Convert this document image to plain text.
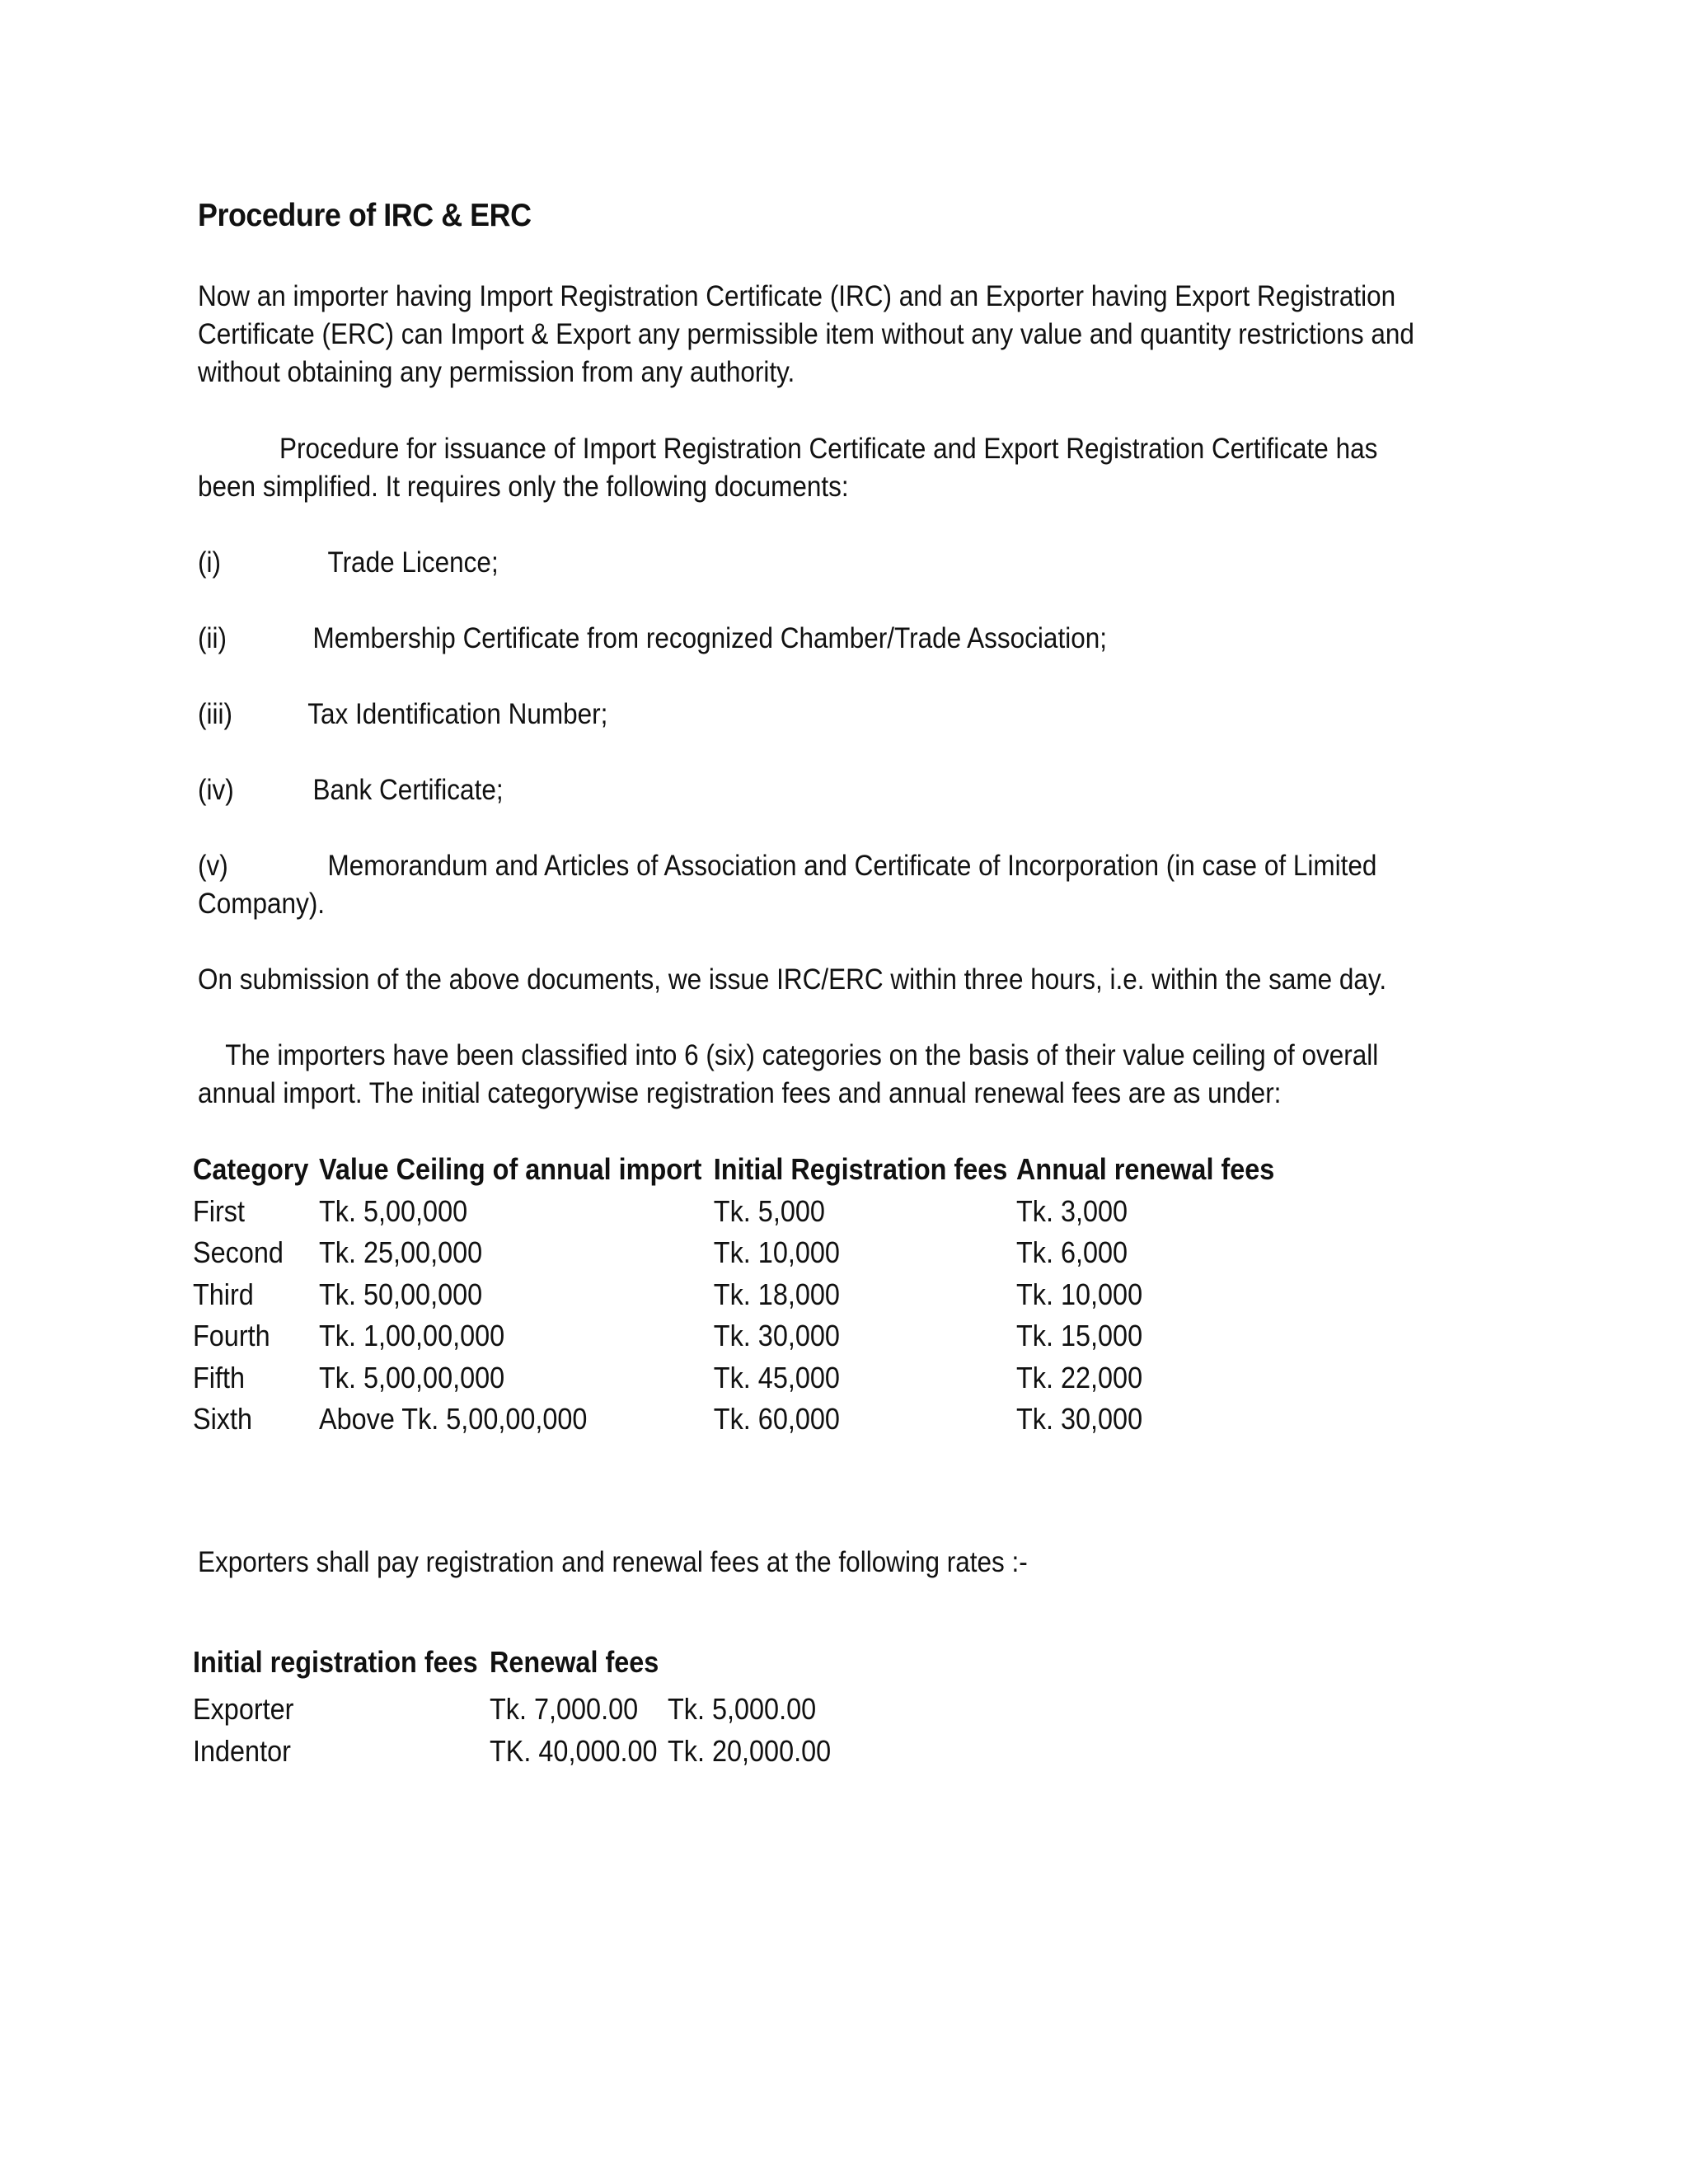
Procedure of IRC & ERC
Now an importer having Import Registration Certificate (IRC) and an Exporter having Export Registration
Certificate (ERC) can Import & Export any permissible item without any value and quantity restrictions and
without obtaining any permission from any authority.
Procedure for issuance of Import Registration Certificate and Export Registration Certificate has
been simplified. It requires only the following documents:
(i)	Trade Licence;
(ii)	Membership Certificate from recognized Chamber/Trade Association;
(iii)	Tax Identification Number;
(iv)	Bank Certificate;
(v)	Memorandum and Articles of Association and Certificate of Incorporation (in case of Limited
Company).
On submission of the above documents, we issue IRC/ERC within three hours, i.e. within the same day.
The importers have been classified into 6 (six) categories on the basis of their value ceiling of overall
annual import. The initial categorywise registration fees and annual renewal fees are as under:
Category	Value Ceiling of annual import	Initial Registration fees	Annual renewal fees
First	Tk. 5,00,000	Tk. 5,000	Tk. 3,000
Second	Tk. 25,00,000	Tk. 10,000	Tk. 6,000
Third	Tk. 50,00,000	Tk. 18,000	Tk. 10,000
Fourth	Tk. 1,00,00,000	Tk. 30,000	Tk. 15,000
Fifth	Tk. 5,00,00,000	Tk. 45,000	Tk. 22,000
Sixth	Above Tk. 5,00,00,000	Tk. 60,000	Tk. 30,000
Exporters shall pay registration and renewal fees at the following rates :-
Initial registration fees	Renewal fees	
Exporter	Tk. 7,000.00	Tk. 5,000.00
Indentor	TK. 40,000.00	Tk. 20,000.00
